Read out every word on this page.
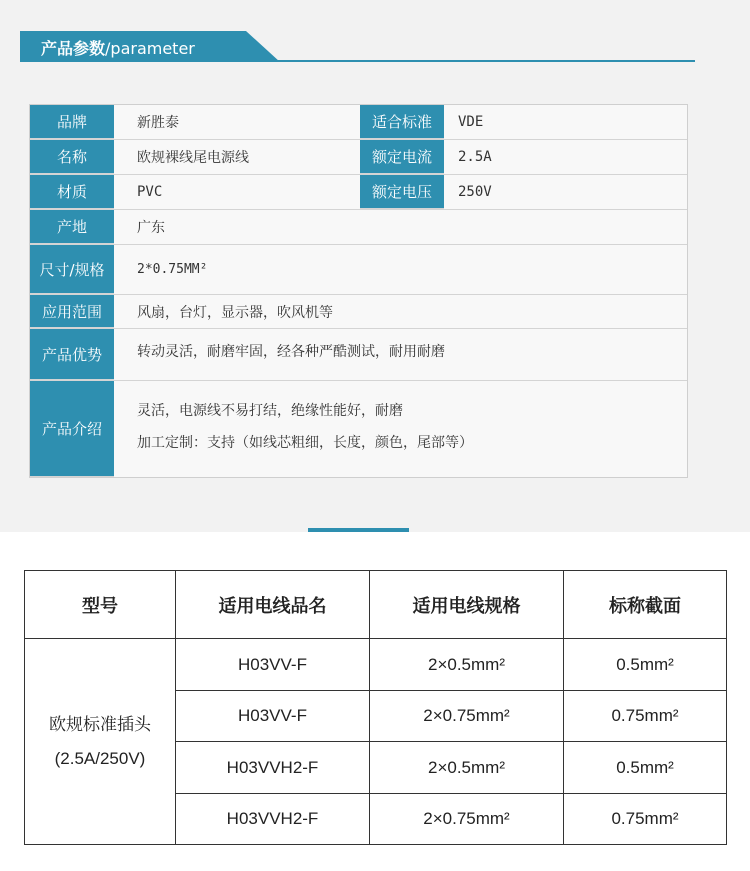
产品参数/parameter
品牌	新胜泰	适合标准	VDE
名称	欧规裸线尾电源线	额定电流	2.5A
材质	PVC	额定电压	250V
产地	广东
尺寸/规格	2*0.75MM²
应用范围	风扇，台灯，显示器，吹风机等
产品优势	转动灵活，耐磨牢固，经各种严酷测试，耐用耐磨
产品介绍
灵活，电源线不易打结，绝缘性能好，耐磨
加工定制：支持（如线芯粗细，长度，颜色，尾部等）
型号	适用电线品名	适用电线规格	标称截面
欧规标准插头
(2.5A/250V)
H03VV-F	2×0.5mm²	0.5mm²
H03VV-F	2×0.75mm²	0.75mm²
H03VVH2-F	2×0.5mm²	0.5mm²
H03VVH2-F	2×0.75mm²	0.75mm²
